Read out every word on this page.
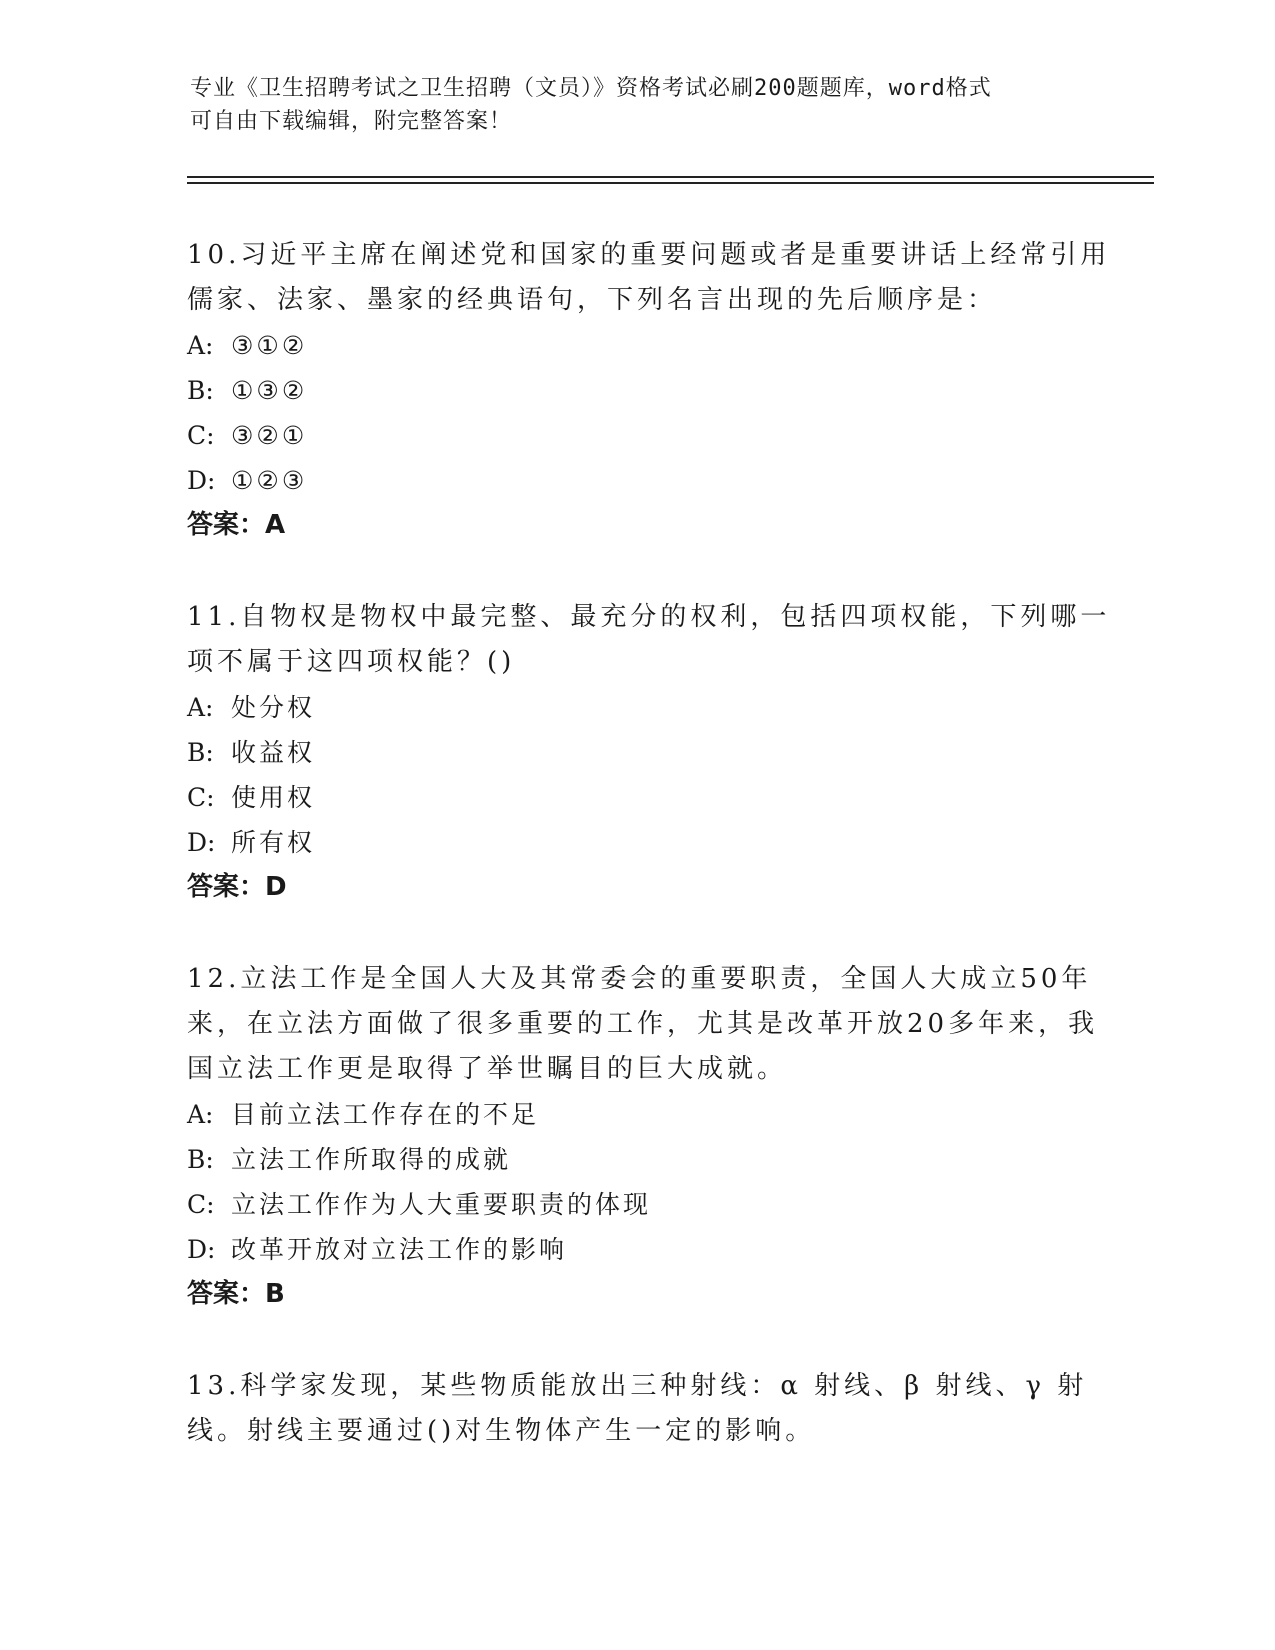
专业《卫生招聘考试之卫生招聘（文员）》资格考试必刷200题题库，word格式
可自由下载编辑，附完整答案！
10.习近平主席在阐述党和国家的重要问题或者是重要讲话上经常引用
儒家、法家、墨家的经典语句，下列名言出现的先后顺序是：
A: ③①②
B: ①③②
C: ③②①
D: ①②③
答案：A
11.自物权是物权中最完整、最充分的权利，包括四项权能，下列哪一
项不属于这四项权能？()
A: 处分权
B: 收益权
C: 使用权
D: 所有权
答案：D
12.立法工作是全国人大及其常委会的重要职责，全国人大成立50年
来，在立法方面做了很多重要的工作，尤其是改革开放20多年来，我
国立法工作更是取得了举世瞩目的巨大成就。
A: 目前立法工作存在的不足
B: 立法工作所取得的成就
C: 立法工作作为人大重要职责的体现
D: 改革开放对立法工作的影响
答案：B
13.科学家发现，某些物质能放出三种射线：α 射线、β 射线、γ 射
线。射线主要通过()对生物体产生一定的影响。
